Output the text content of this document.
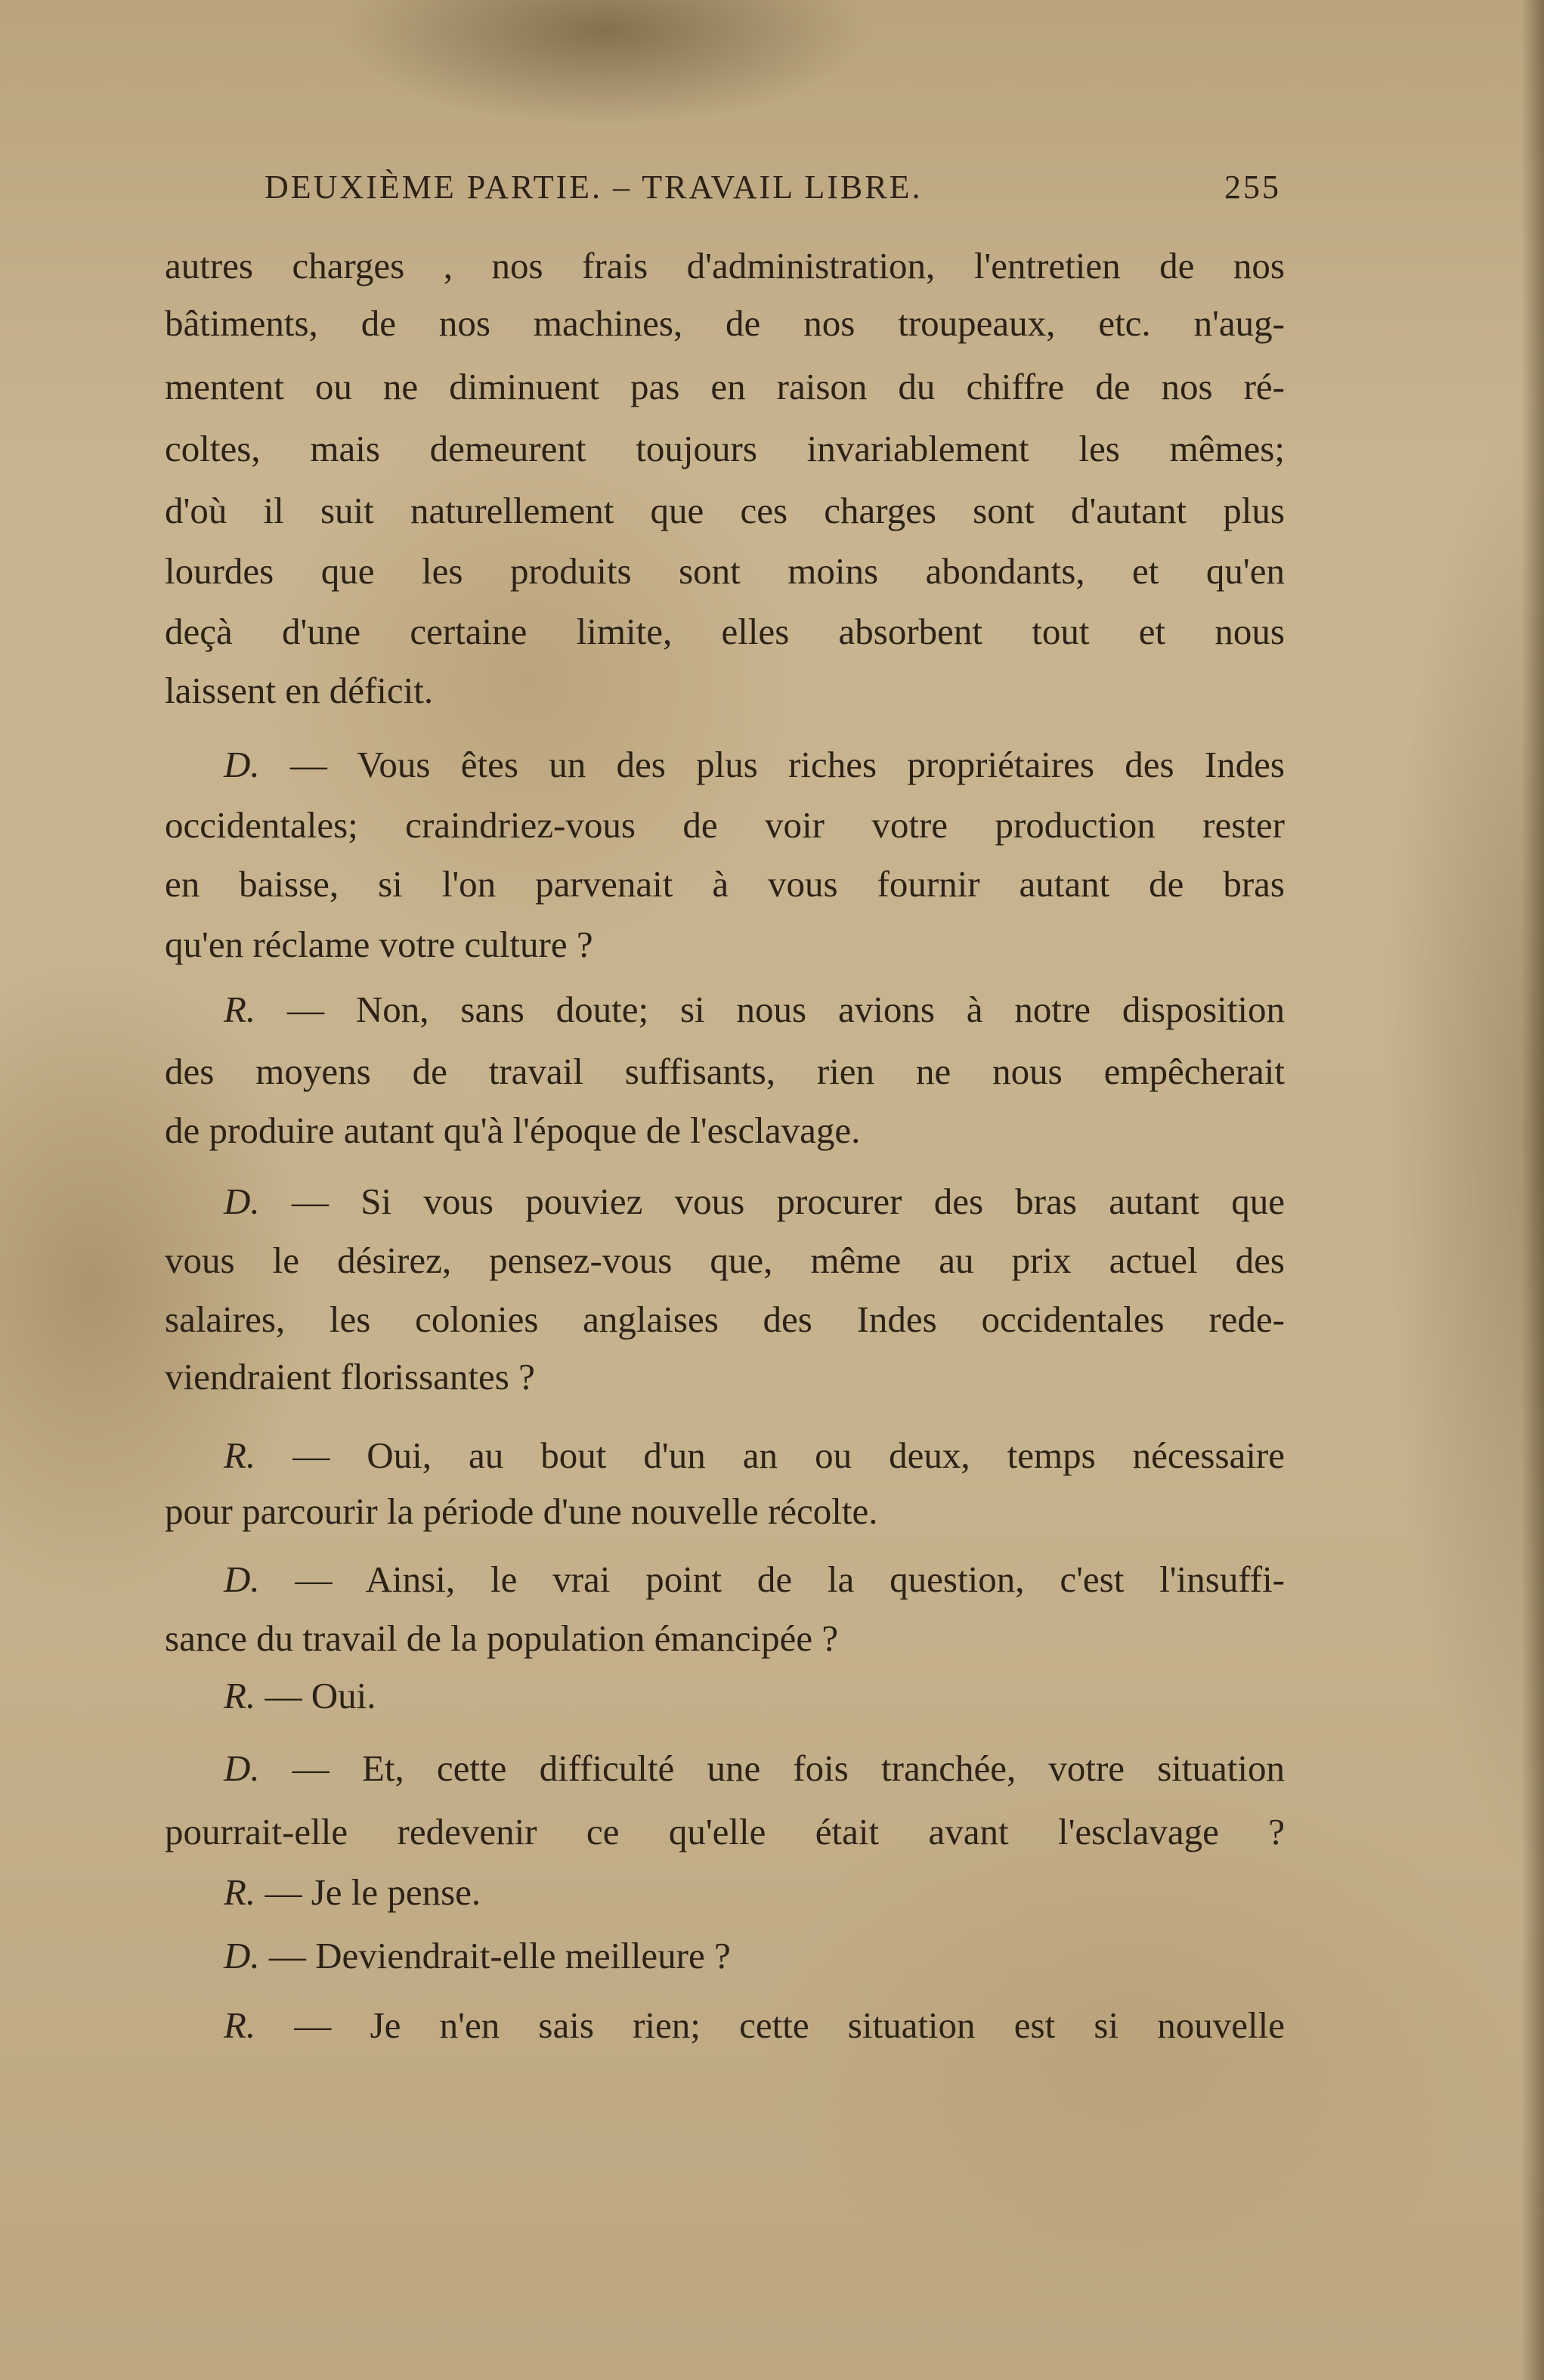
DEUXIÈME PARTIE. – TRAVAIL LIBRE.	255
autres charges , nos frais d'administration, l'entretien de nos
bâtiments, de nos machines, de nos troupeaux, etc. n'aug-
mentent ou ne diminuent pas en raison du chiffre de nos ré-
coltes, mais demeurent toujours invariablement les mêmes;
d'où il suit naturellement que ces charges sont d'autant plus
lourdes que les produits sont moins abondants, et qu'en
deçà d'une certaine limite, elles absorbent tout et nous
laissent en déficit.
D. — Vous êtes un des plus riches propriétaires des Indes
occidentales; craindriez-vous de voir votre production rester
en baisse, si l'on parvenait à vous fournir autant de bras
qu'en réclame votre culture ?
R. — Non, sans doute; si nous avions à notre disposition
des moyens de travail suffisants, rien ne nous empêcherait
de produire autant qu'à l'époque de l'esclavage.
D. — Si vous pouviez vous procurer des bras autant que
vous le désirez, pensez-vous que, même au prix actuel des
salaires, les colonies anglaises des Indes occidentales rede-
viendraient florissantes ?
R. — Oui, au bout d'un an ou deux, temps nécessaire
pour parcourir la période d'une nouvelle récolte.
D. — Ainsi, le vrai point de la question, c'est l'insuffi-
sance du travail de la population émancipée ?
R. — Oui.
D. — Et, cette difficulté une fois tranchée, votre situation
pourrait-elle redevenir ce qu'elle était avant l'esclavage ?
R. — Je le pense.
D. — Deviendrait-elle meilleure ?
R. — Je n'en sais rien; cette situation est si nouvelle
